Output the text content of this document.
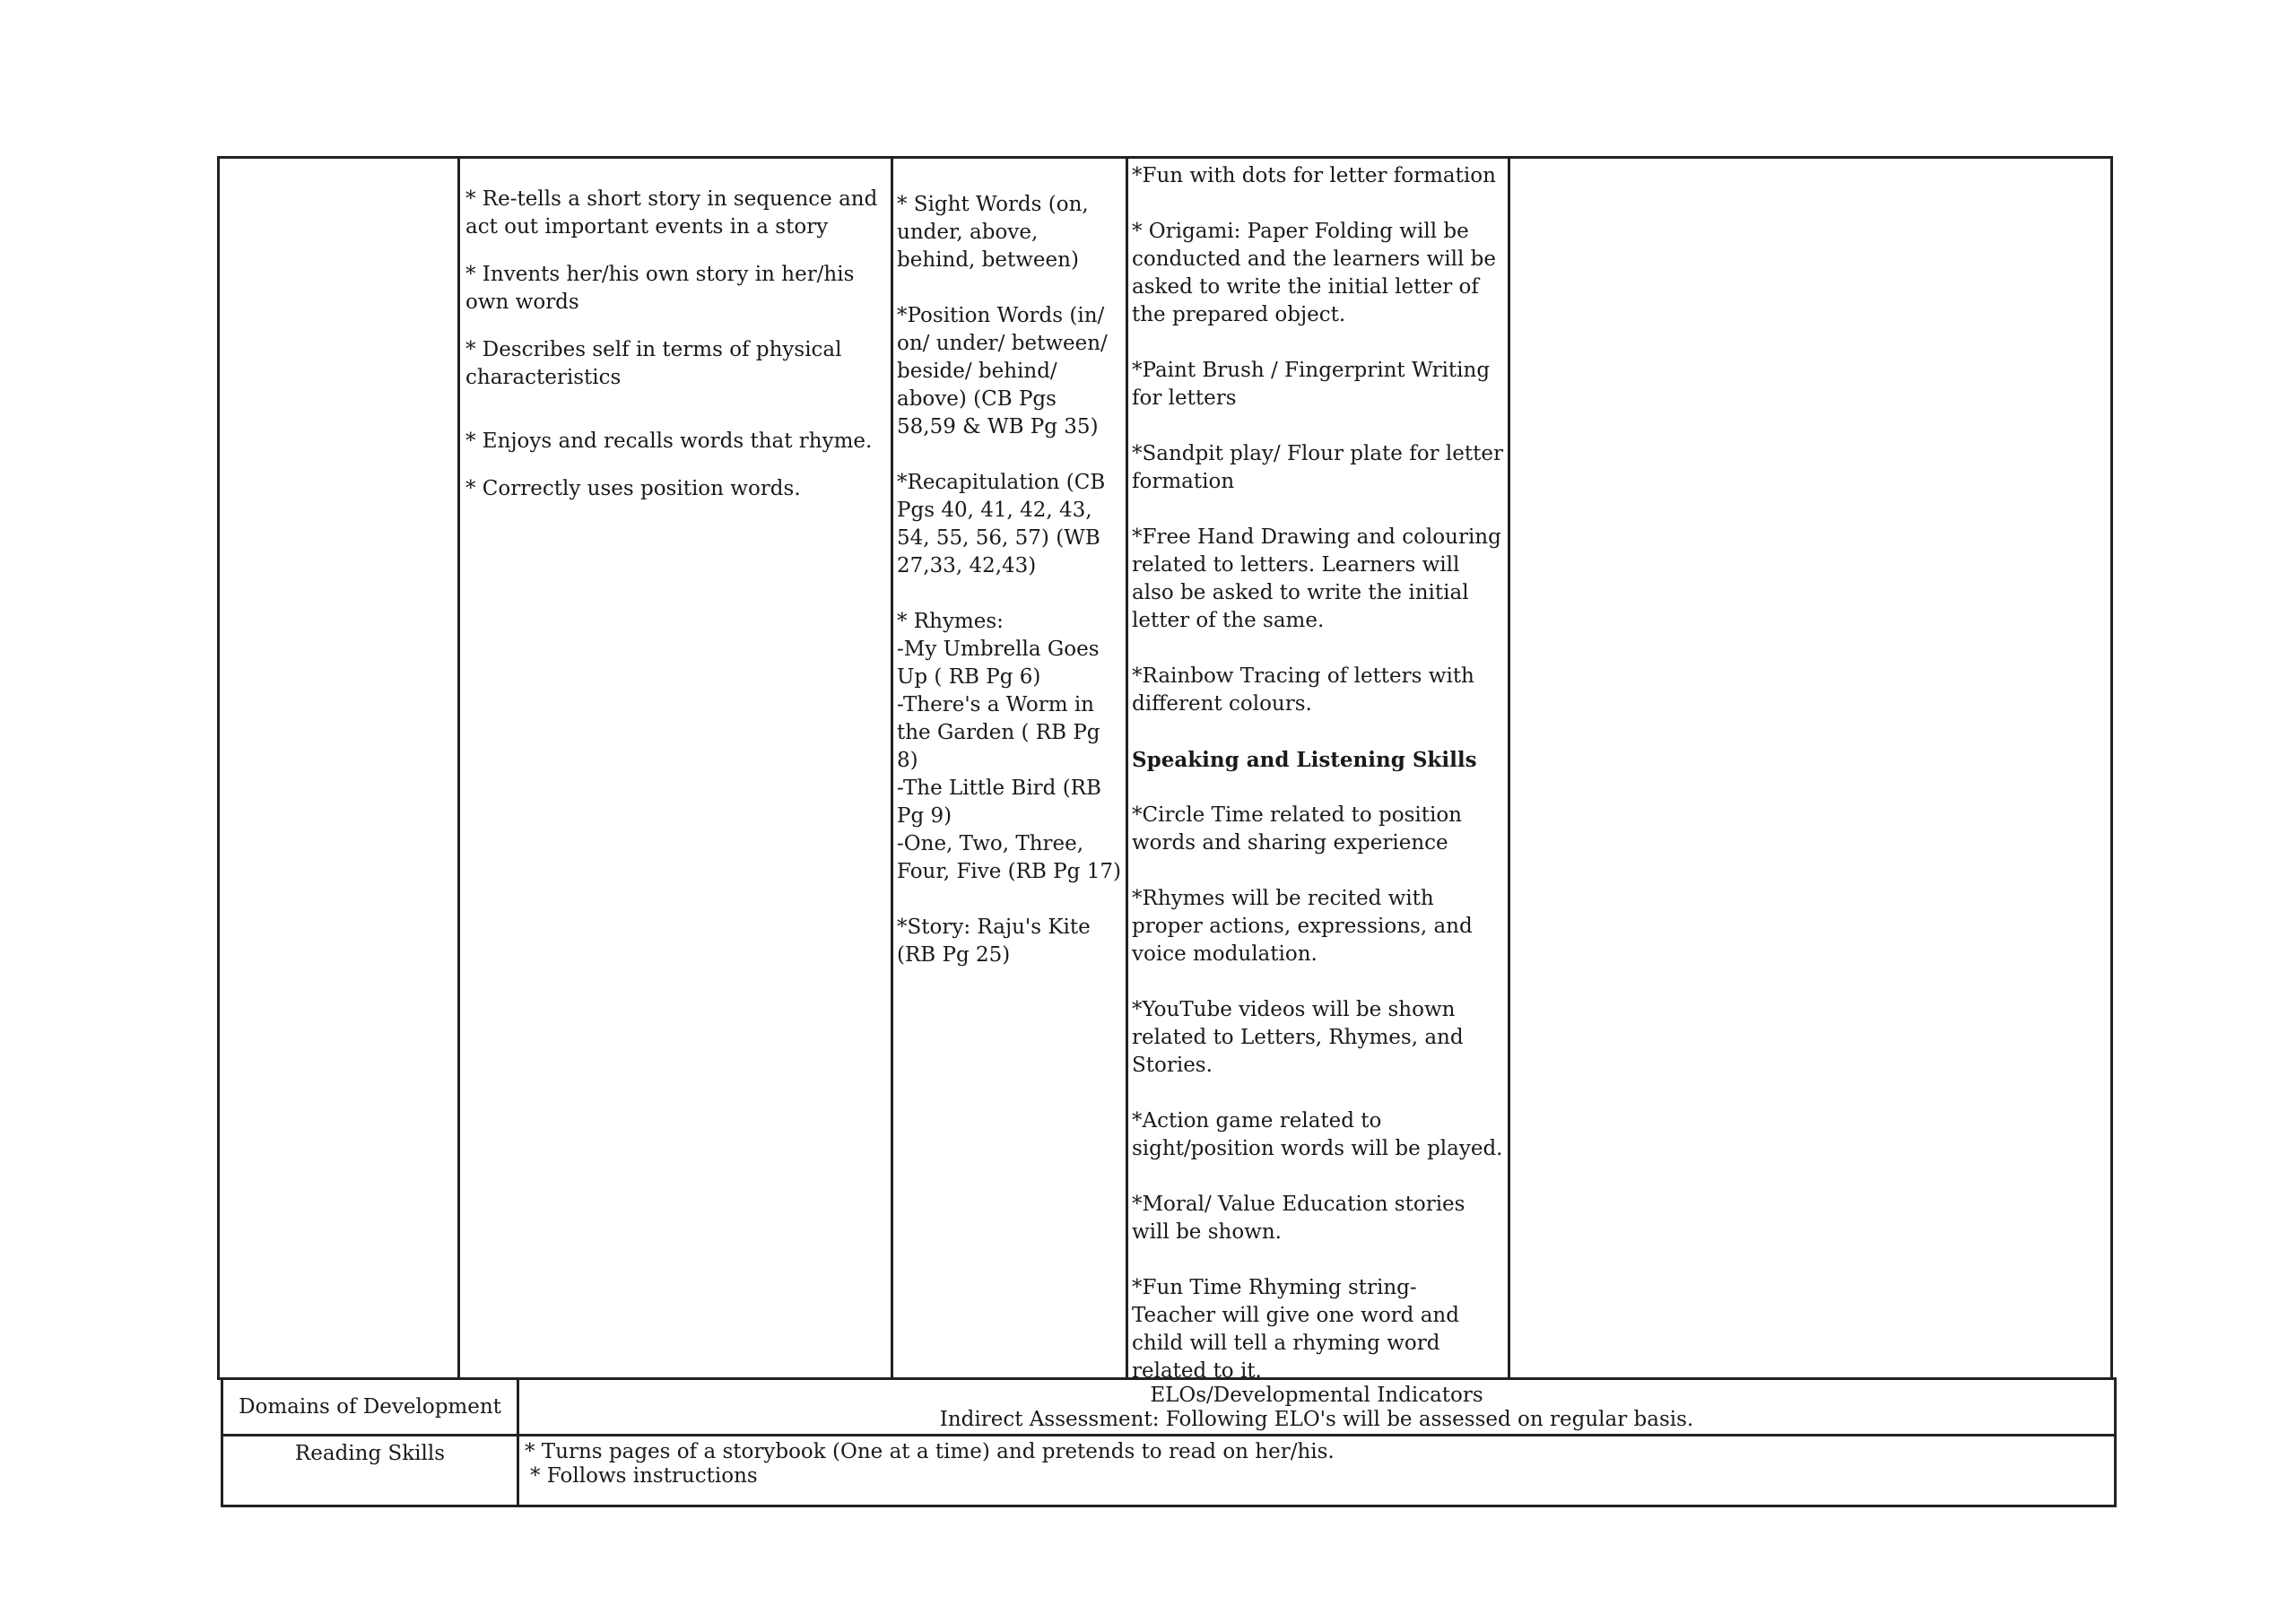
* Re-tells a short story in sequence and act out important events in a story

* Invents her/his own story in her/his own words

* Describes self in terms of physical characteristics

* Enjoys and recalls words that rhyme.

* Correctly uses position words.

* Sight Words (on, under, above, behind, between)

*Position Words (in/ on/ under/ between/ beside/ behind/ above) (CB Pgs 58,59 & WB Pg 35)

*Recapitulation (CB Pgs 40, 41, 42, 43, 54, 55, 56, 57) (WB 27,33, 42,43)

* Rhymes:
-My Umbrella Goes Up ( RB Pg 6)
-There's a Worm in the Garden ( RB Pg 8)
-The Little Bird (RB Pg 9)
-One, Two, Three, Four, Five (RB Pg 17)

*Story: Raju's Kite (RB Pg 25)

*Fun with dots for letter formation

* Origami: Paper Folding will be conducted and the learners will be asked to write the initial letter of the prepared object.

*Paint Brush / Fingerprint Writing for letters

*Sandpit play/ Flour plate for letter formation

*Free Hand Drawing and colouring related to letters. Learners will also be asked to write the initial letter of the same.

*Rainbow Tracing of letters with different colours.

Speaking and Listening Skills

*Circle Time related to position words and sharing experience

*Rhymes will be recited with proper actions, expressions, and voice modulation.

*YouTube videos will be shown related to Letters, Rhymes, and Stories.

*Action game related to sight/position words will be played.

*Moral/ Value Education stories will be shown.

*Fun Time Rhyming string- Teacher will give one word and child will tell a rhyming word related to it.

Domains of Development	ELOs/Developmental Indicators
Indirect Assessment: Following ELO's will be assessed on regular basis.
Reading Skills	* Turns pages of a storybook (One at a time) and pretends to read on her/his.
* Follows instructions
